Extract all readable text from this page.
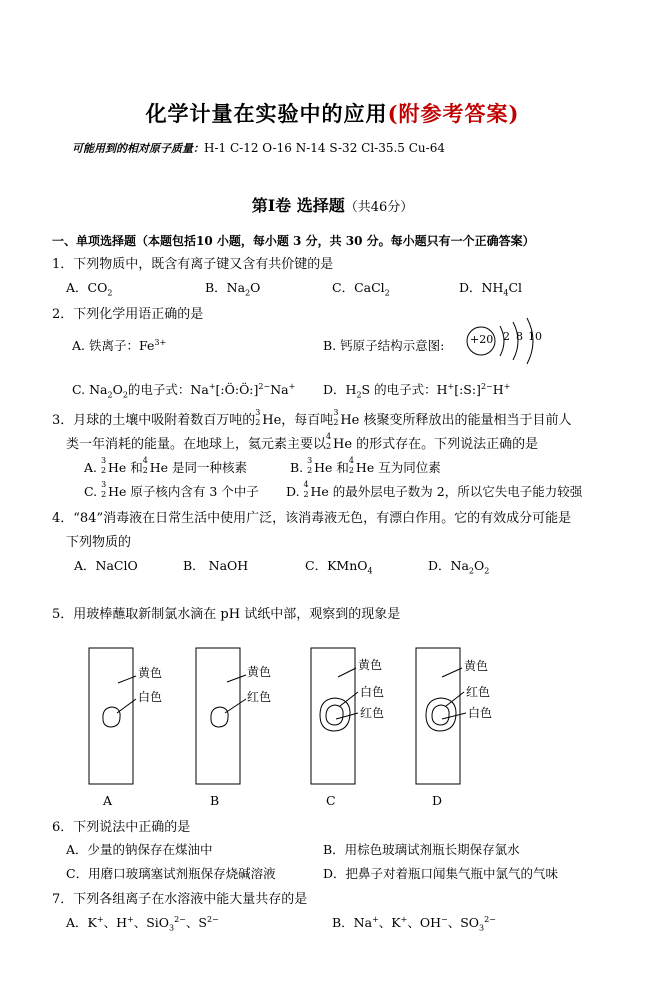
化学计量在实验中的应用(附参考答案)
可能用到的相对原子质量：H-1 C-12 O-16 N-14 S-32 Cl-35.5 Cu-64
第Ⅰ卷 选择题（共46分）
一、单项选择题（本题包括10 小题，每小题 3 分，共 30 分。每小题只有一个正确答案）
1．下列物质中，既含有离子键又含有共价键的是
A．$CO_2$	B．$Na_2O$	C．CaCl$_2$	D．$NH_4Cl$
2．下列化学用语正确的是
A. 铁离子：$Fe^{3+}$	B. 钙原子结构示意图: +20 2 8 10
C. $Na_2O_2$的电子式：Na+[:Ö:Ö:]$^{2-}$Na+ D．$H_2S$ 的电子式：H+[:S:]$^{2-}$H+
3．月球的土壤中吸附着数百万吨的
3
2 He，每百吨
3
2 He 核聚变所释放出的能量相当于目前人
类一年消耗的能量。在地球上，氦元素主要以
4
2 He 的形式存在。下列说法正确的是
A. 3
2 He 和 4
2 He 是同一种核素	B. 3
2 He 和 4
2 He 互为同位素
C. 3
2 He 原子核内含有 3 个中子 D. 4
2 He 的最外层电子数为 2，所以它失电子能力较强
4．“84”消毒液在日常生活中使用广泛，该消毒液无色，有漂白作用。它的有效成分可能是
下列物质的
A．NaClO	B． NaOH	C．KMnO$_4$	D．$Na_2O_2$
5．用玻棒蘸取新制氯水滴在 pH 试纸中部，观察到的现象是
黄色
白色
A
黄色
红色
B
黄色
白色
红色
C
黄色
红色
白色
D
6．下列说法中正确的是
A．少量的钠保存在煤油中	B．用棕色玻璃试剂瓶长期保存氯水
C．用磨口玻璃塞试剂瓶保存烧碱溶液	D．把鼻子对着瓶口闻集气瓶中氯气的气味
7．下列各组离子在水溶液中能大量共存的是
A．K+、H+、SiO$_3^{2-}$、$S^{2-}$	B．Na+、K+、OH−、$SO_3^{2-}$
